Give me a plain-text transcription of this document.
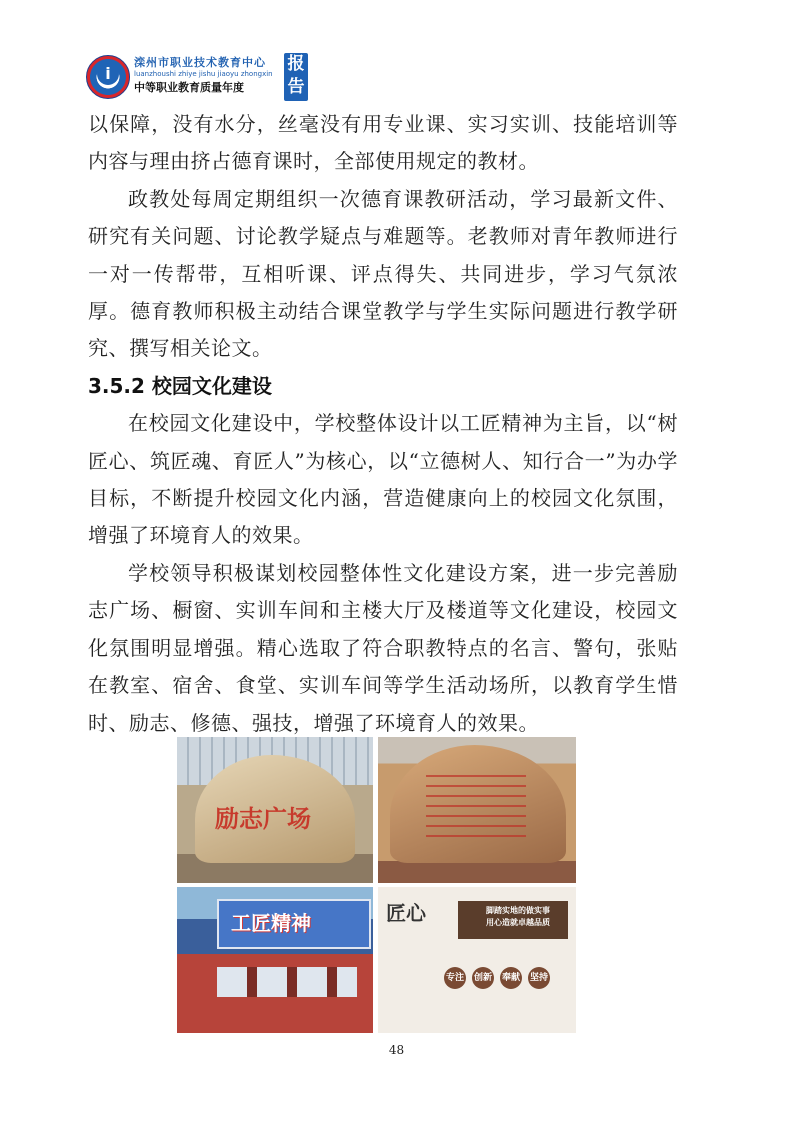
i
滦州市职业技术教育中心
luanzhoushi zhiye jishu jiaoyu zhongxin
中等职业教育质量年度
报
告

以保障，没有水分，丝毫没有用专业课、实习实训、技能培训等内容与理由挤占德育课时，全部使用规定的教材。

政教处每周定期组织一次德育课教研活动，学习最新文件、研究有关问题、讨论教学疑点与难题等。老教师对青年教师进行一对一传帮带，互相听课、评点得失、共同进步，学习气氛浓厚。德育教师积极主动结合课堂教学与学生实际问题进行教学研究、撰写相关论文。

3.5.2 校园文化建设

在校园文化建设中，学校整体设计以工匠精神为主旨，以“树匠心、筑匠魂、育匠人”为核心，以“立德树人、知行合一”为办学目标，不断提升校园文化内涵，营造健康向上的校园文化氛围，增强了环境育人的效果。

学校领导积极谋划校园整体性文化建设方案，进一步完善励志广场、橱窗、实训车间和主楼大厅及楼道等文化建设，校园文化氛围明显增强。精心选取了符合职教特点的名言、警句，张贴在教室、宿舍、食堂、实训车间等学生活动场所，以教育学生惜时、励志、修德、强技，增强了环境育人的效果。

励志广场
工匠精神	匠心	脚踏实地的做实事
用心造就卓越品质
专注 创新 奉献 坚持
48
